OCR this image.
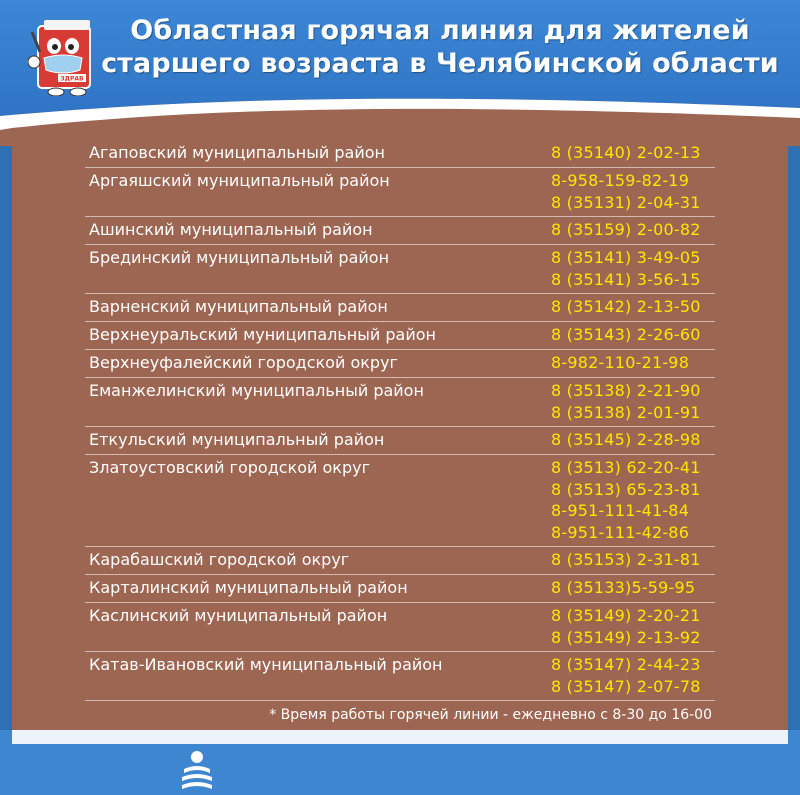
ЗДРАВ
Областная горячая линия для жителей
старшего возраста в Челябинской области
Агаповский муниципальный район	8 (35140) 2-02-13
Аргаяшский муниципальный район	8-958-159-82-19
8 (35131) 2-04-31
Ашинский муниципальный район	8 (35159) 2-00-82
Брединский муниципальный район	8 (35141) 3-49-05
8 (35141) 3-56-15
Варненский муниципальный район	8 (35142) 2-13-50
Верхнеуральский муниципальный район	8 (35143) 2-26-60
Верхнеуфалейский городской округ	8-982-110-21-98
Еманжелинский муниципальный район	8 (35138) 2-21-90
8 (35138) 2-01-91
Еткульский муниципальный район	8 (35145) 2-28-98
Златоустовский городской округ	8 (3513) 62-20-41
8 (3513) 65-23-81
8-951-111-41-84
8-951-111-42-86
Карабашский городской округ	8 (35153) 2-31-81
Карталинский муниципальный район	8 (35133)5-59-95
Каслинский муниципальный район	8 (35149) 2-20-21
8 (35149) 2-13-92
Катав-Ивановский муниципальный район	8 (35147) 2-44-23
8 (35147) 2-07-78
* Время работы горячей линии - ежедневно с 8-30 до 16-00
